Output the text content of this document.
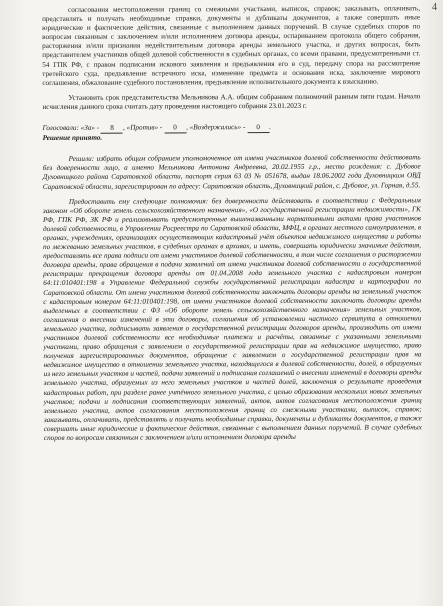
4

согласования местоположения границ со смежными участками, выписок, справок; заказывать, оплачивать, представлять и получать необходимые справки, документы и дубликаты документов, а также совершать иные юридические и фактические действия, связанные с выполнением данных поручений. В случае судебных споров по вопросам связанным с заключением и/или исполнением договора аренды, оспариванием протокола общего собрания, расторжения и/или признания недействительным договора аренды земельного участка, и других вопросах, быть представителем участников общей долевой собственности в судебных органах, со всеми правами, предусмотренными ст. 54 ГПК РФ, с правом подписания искового заявления и предъявления его в суд, передачу спора на рассмотрение третейского суда, предъявление встречного иска, изменение предмета и основания иска, заключение мирового соглашения, обжалование судебного постановления, предъявление исполнительного документа к взысканию.

Установить срок представительства Мельникова А.А. общим собранием полномочий равным пяти годам. Начало исчисления данного срока считать дату проведения настоящего собрания 23.01.2023 г.

Голосовали: «За» - 8 , «Против» - 0 , «Воздержались» - 0 .

Решение принято.

Решили: избрать общим собранием уполномоченное от имени участников долевой собственности действовать без доверенности лицо, а именно Мельникова Антонина Андреевна, 20.02.1955 г.р., место рождения: с. Дубовое Духовницкого района Саратовской области, паспорт серия 63 03 № 051678, выдан 18.06.2002 года Духовницким ОВД Саратовской области, зарегистрирован по адресу: Саратовская область, Духовницкий район, с. Дубовое, ул. Горная, д.55.

Предоставить ему следующие полномочия: без доверенности действовать в соответствии с Федеральным законом «Об обороте земель сельскохозяйственного назначения», «О государственной регистрации недвижимости», ГК РФ, ГПК РФ, ЗК РФ и реализовывать предусмотренные вышеназванными нормативными актами права участников долевой собственности, в Управлении Росреестра по Саратовской области, МФЦ, в органах местного самоуправления, в органах, учреждениях, организациях осуществляющих кадастровый учёт объектов недвижимого имущества и работы по межеванию земельных участков, в судебных органах в архивах, и иметь, совершать юридически значимые действия, предоставлять все права подписи от имени участников долевой собственности, в том числе соглашения о расторжении договора аренды, права обращения в подачи заявлений от имени участников долевой собственности о государственной регистрации прекращения договора аренды от 01.04.2008 года земельного участка с кадастровым номером 64:11:010401:198 в Управление Федеральной службы государственной регистрации кадастра и картографии по Саратовской области. От имени участников долевой собственности заключать договоры аренды на земельный участок с кадастровым номером 64:11:010401:198, от имени участников долевой собственности заключать договоры аренды выделенных в соответствии с ФЗ «Об обороте земель сельскохозяйственного назначения» земельных участков, соглашения о внесении изменений в эти договоры, соглашения об установлении частного сервитута в отношении земельного участка, подписывать заявления о государственной регистрации договоров аренды, производить от имени участников долевой собственности все необходимые платежи и расчёты, связанные с указанными земельными участками, право обращения с заявлением о государственной регистрации прав на недвижимое имущество, право получения зарегистрированных документов, обращение с заявлением о государственной регистрации прав на недвижимое имущество в отношении земельного участка, находящегося в долевой собственности, долей, в образуемых из него земельных участков и частей, подачи заявлений и подписания соглашений о внесении изменений в договоры аренды земельного участка, образуемых из него земельных участков и частей долей, заключения о результате проведения кадастровых работ, при разделе ранее учтённого земельного участка, с целью образования нескольких новых земельных участков; подачи и подписания соответствующих заявлений, актов, актов согласования местоположения границ земельного участка, актов согласования местоположения границ со смежными участками, выписок, справок; заказывать, оплачивать, представлять и получать необходимые справки, документы и дубликаты документов, а также совершать иные юридические и фактические действия, связанные с выполнением данных поручений. В случае судебных споров по вопросам связанным с заключением и/или исполнением договора аренды
